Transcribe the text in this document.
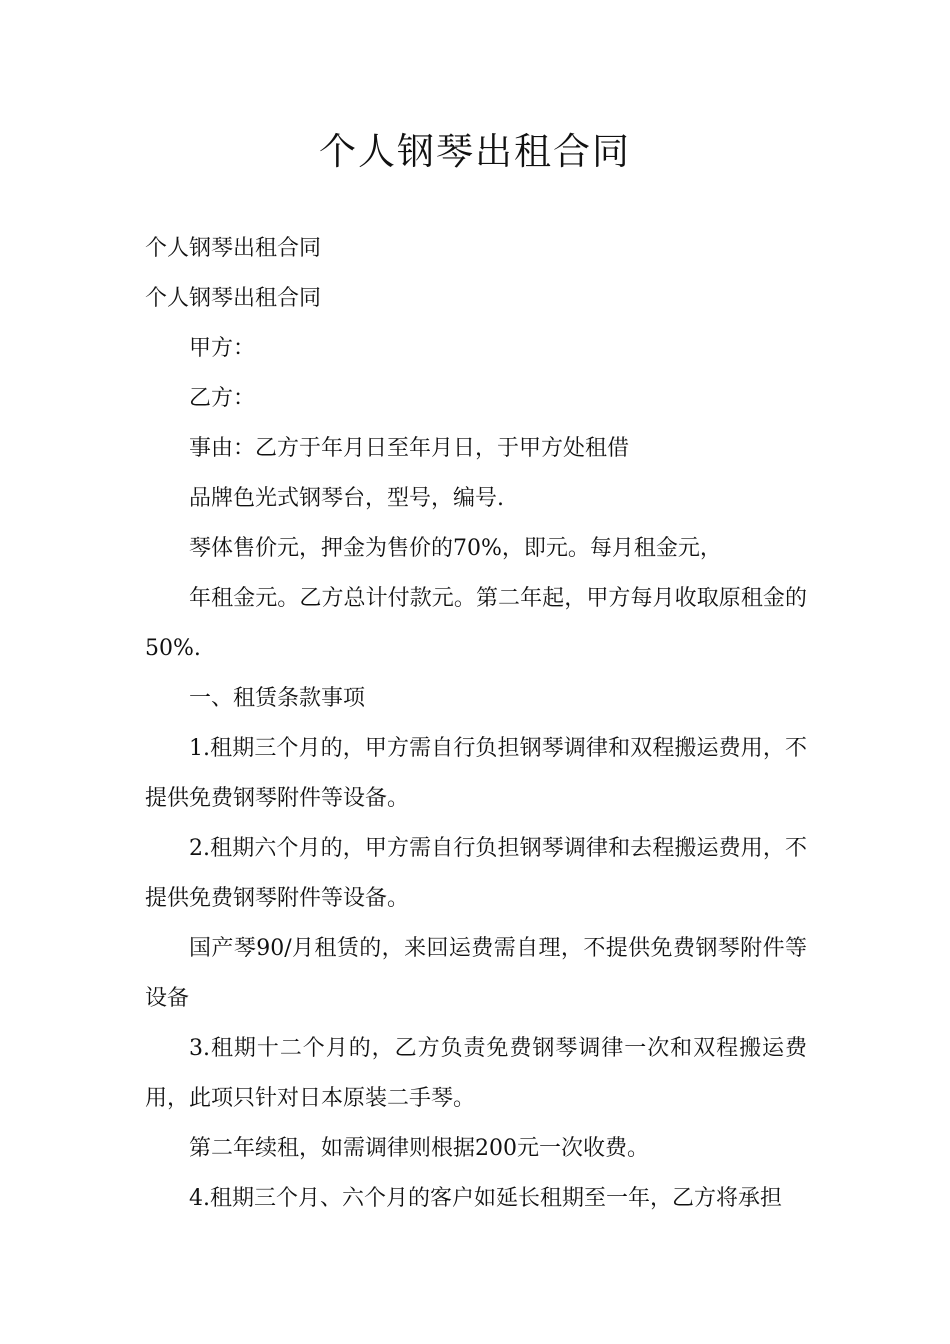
个人钢琴出租合同

个人钢琴出租合同

个人钢琴出租合同

甲方：

乙方：

事由：乙方于年月日至年月日，于甲方处租借

品牌色光式钢琴台，型号，编号.

琴体售价元，押金为售价的70%，即元。每月租金元，

年租金元。乙方总计付款元。第二年起，甲方每月收取原租金的50%.

一、租赁条款事项

1.租期三个月的，甲方需自行负担钢琴调律和双程搬运费用，不提供免费钢琴附件等设备。

2.租期六个月的，甲方需自行负担钢琴调律和去程搬运费用，不提供免费钢琴附件等设备。

国产琴90/月租赁的，来回运费需自理，不提供免费钢琴附件等设备

3.租期十二个月的，乙方负责免费钢琴调律一次和双程搬运费用，此项只针对日本原装二手琴。

第二年续租，如需调律则根据200元一次收费。

4.租期三个月、六个月的客户如延长租期至一年，乙方将承担
